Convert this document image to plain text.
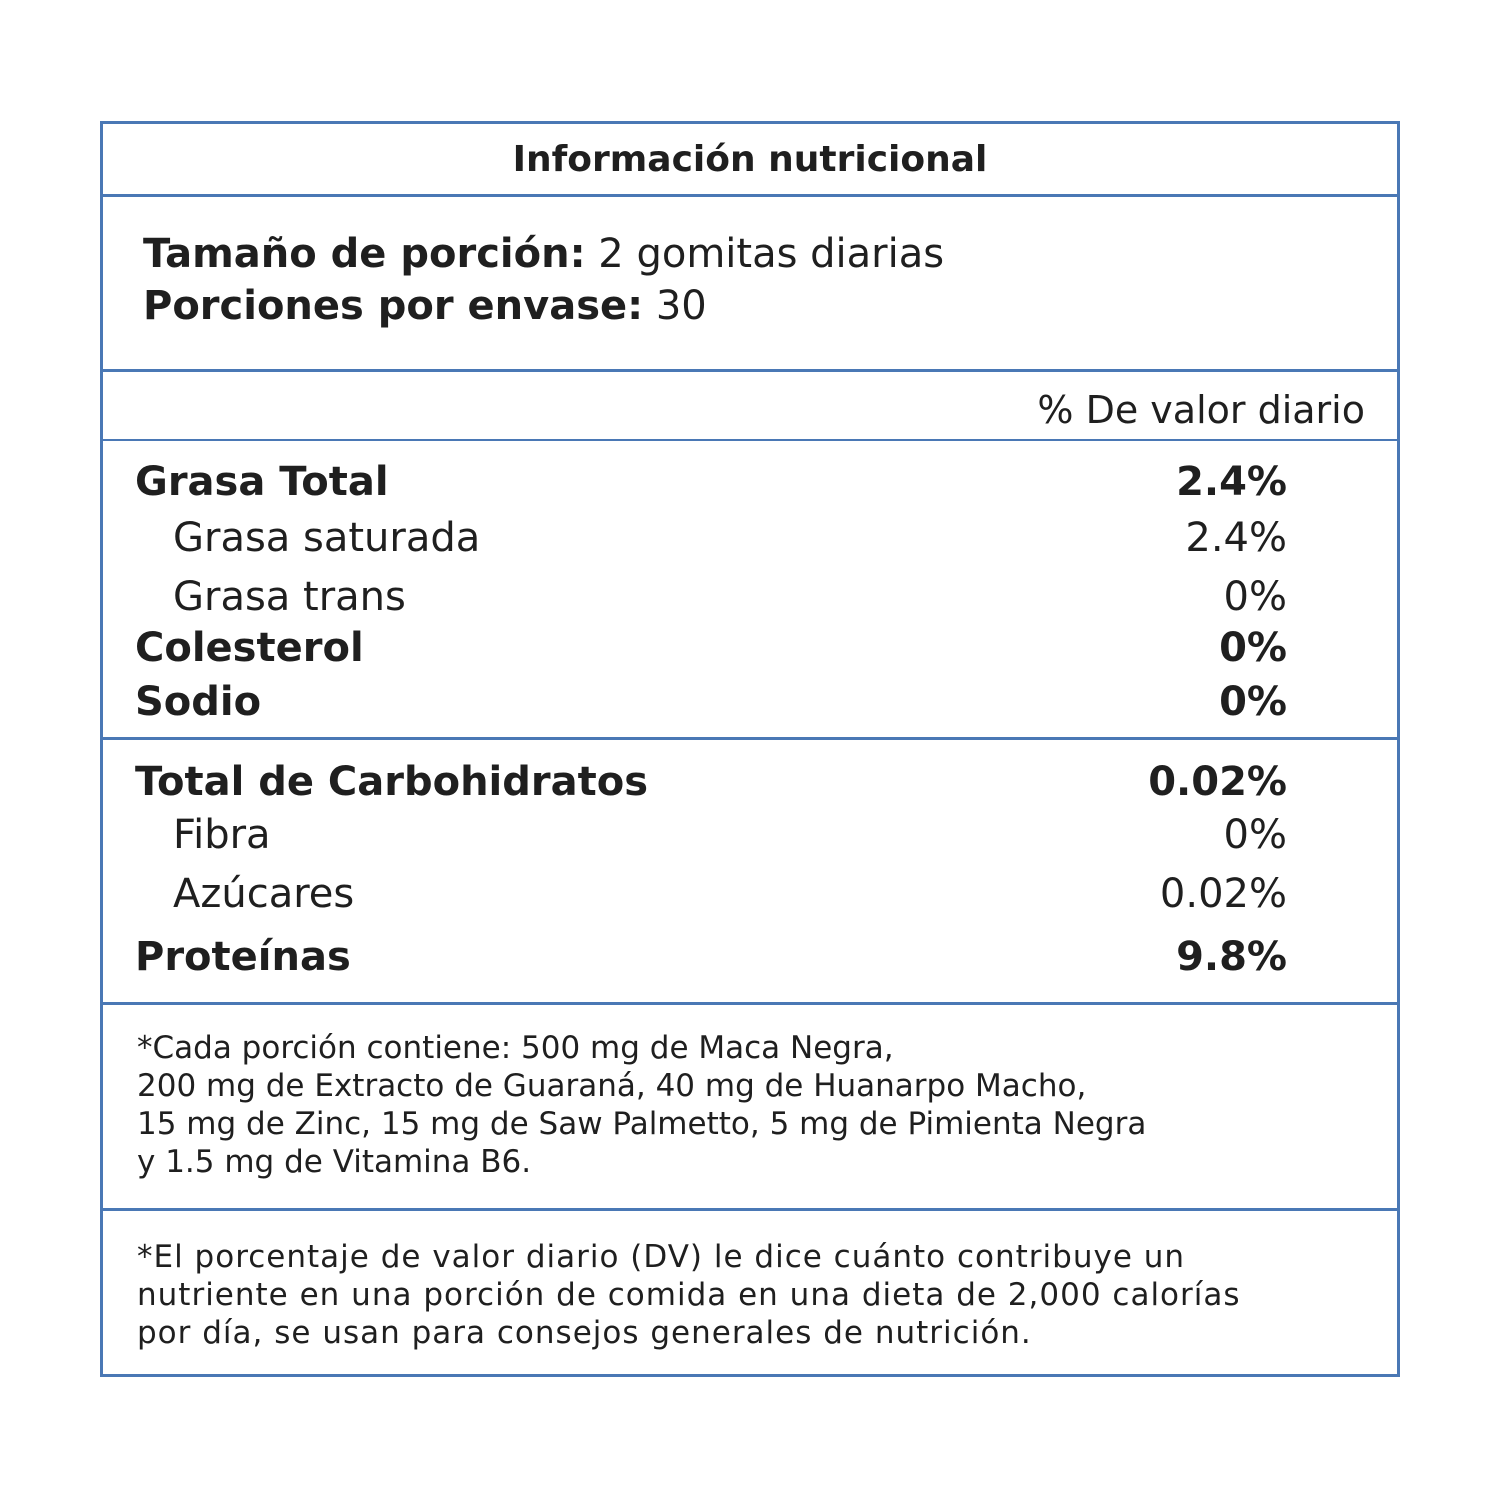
Información nutricional
Tamaño de porción: 2 gomitas diarias
Porciones por envase: 30
% De valor diario
Grasa Total	2.4%
Grasa saturada	2.4%
Grasa trans	0%
Colesterol	0%
Sodio	0%
Total de Carbohidratos	0.02%
Fibra	0%
Azúcares	0.02%
Proteínas	9.8%
*Cada porción contiene: 500 mg de Maca Negra,
200 mg de Extracto de Guaraná, 40 mg de Huanarpo Macho,
15 mg de Zinc, 15 mg de Saw Palmetto, 5 mg de Pimienta Negra
y 1.5 mg de Vitamina B6.
*El porcentaje de valor diario (DV) le dice cuánto contribuye un
nutriente en una porción de comida en una dieta de 2,000 calorías
por día, se usan para consejos generales de nutrición.
